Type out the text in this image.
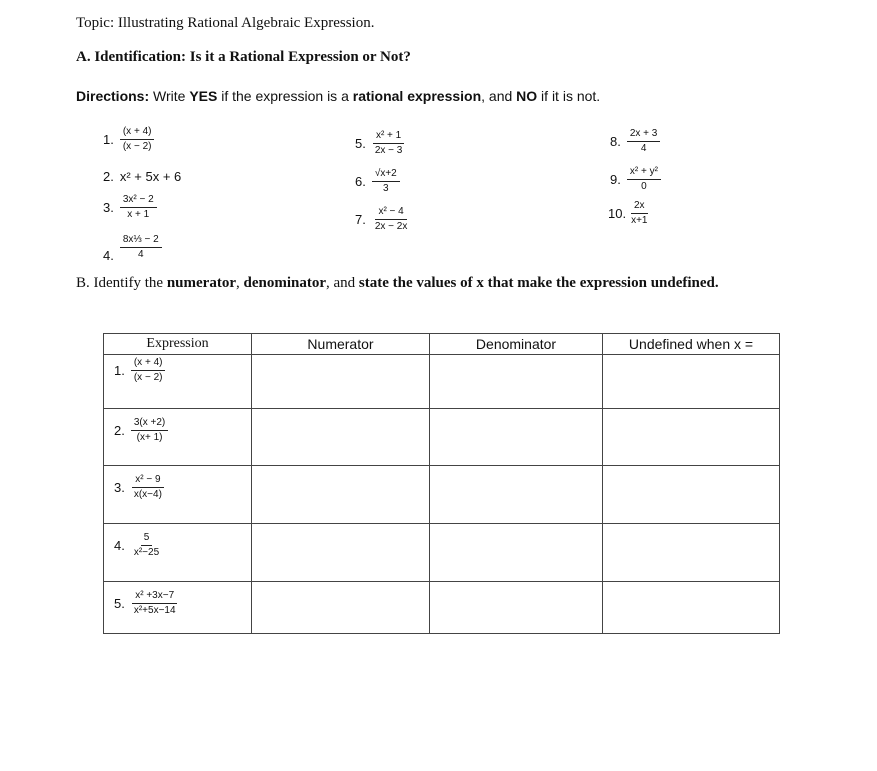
Topic: Illustrating Rational Algebraic Expression.
A. Identification: Is it a Rational Expression or Not?
Directions: Write YES if the expression is a rational expression, and NO if it is not.
1. $\frac{(x + 4)}{(x - 2)}$
2. x² + 5x + 6
3. $\frac{\text{3x² − 2}}{x + 1}$
4. $\frac{\text{8x⅓ − 2}}{4}$
5. $\frac{\text{x² + 1}}{2x - 3}$
6. $\frac{√x+2}{3}$
7. $\frac{\text{x² − 4}}{2x - 2x}$
8. $\frac{2x + 3}{4}$
9. $\frac{\text{x² + y²}}{0}$
10. $\frac{2x}{x+1}$
B. Identify the numerator, denominator, and state the values of x that make the expression undefined.
Expression	Numerator	Denominator	Undefined when x =

1. $\frac{(x + 4)}{(x - 2)}$

2. $\frac{3(x +2)}{(x+ 1)}$

3. $\frac{\text{x² − 9}}{x(x-4)}$

4. $\frac{5}{\text{x²−25}}$

5. $\frac{\text{x² +3x−7}}{\text{x²+5x−14}}$
